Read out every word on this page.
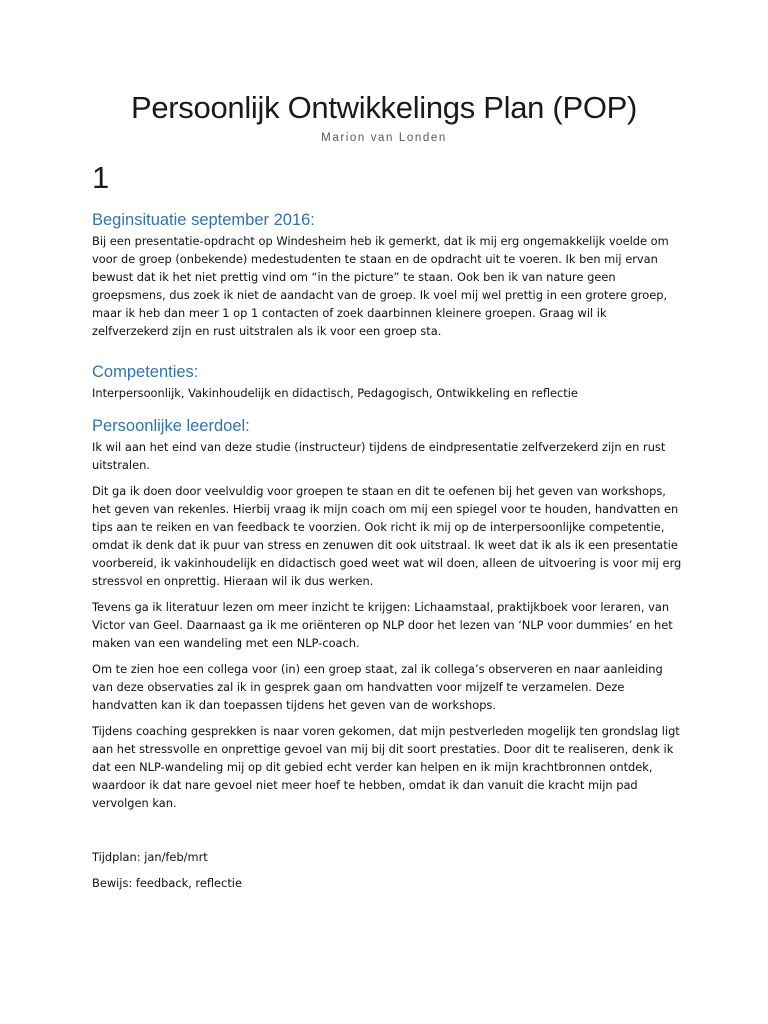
Persoonlijk Ontwikkelings Plan (POP)
Marion van Londen
1
Beginsituatie september 2016:

Bij een presentatie-opdracht op Windesheim heb ik gemerkt, dat ik mij erg ongemakkelijk voelde om voor de groep (onbekende) medestudenten te staan en de opdracht uit te voeren. Ik ben mij ervan bewust dat ik het niet prettig vind om “in the picture” te staan. Ook ben ik van nature geen groepsmens, dus zoek ik niet de aandacht van de groep. Ik voel mij wel prettig in een grotere groep, maar ik heb dan meer 1 op 1 contacten of zoek daarbinnen kleinere groepen. Graag wil ik zelfverzekerd zijn en rust uitstralen als ik voor een groep sta.

Competenties:

Interpersoonlijk, Vakinhoudelijk en didactisch, Pedagogisch, Ontwikkeling en reflectie

Persoonlijke leerdoel:

Ik wil aan het eind van deze studie (instructeur) tijdens de eindpresentatie zelfverzekerd zijn en rust uitstralen.

Dit ga ik doen door veelvuldig voor groepen te staan en dit te oefenen bij het geven van workshops, het geven van rekenles. Hierbij vraag ik mijn coach om mij een spiegel voor te houden, handvatten en tips aan te reiken en van feedback te voorzien. Ook richt ik mij op de interpersoonlijke competentie, omdat ik denk dat ik puur van stress en zenuwen dit ook uitstraal. Ik weet dat ik als ik een presentatie voorbereid, ik vakinhoudelijk en didactisch goed weet wat wil doen, alleen de uitvoering is voor mij erg stressvol en onprettig. Hieraan wil ik dus werken.

Tevens ga ik literatuur lezen om meer inzicht te krijgen: Lichaamstaal, praktijkboek voor leraren, van Victor van Geel. Daarnaast ga ik me oriënteren op NLP door het lezen van ‘NLP voor dummies’ en het maken van een wandeling met een NLP-coach.

Om te zien hoe een collega voor (in) een groep staat, zal ik collega’s observeren en naar aanleiding van deze observaties zal ik in gesprek gaan om handvatten voor mijzelf te verzamelen. Deze handvatten kan ik dan toepassen tijdens het geven van de workshops.

Tijdens coaching gesprekken is naar voren gekomen, dat mijn pestverleden mogelijk ten grondslag ligt aan het stressvolle en onprettige gevoel van mij bij dit soort prestaties. Door dit te realiseren, denk ik dat een NLP-wandeling mij op dit gebied echt verder kan helpen en ik mijn krachtbronnen ontdek, waardoor ik dat nare gevoel niet meer hoef te hebben, omdat ik dan vanuit die kracht mijn pad vervolgen kan.

Tijdplan: jan/feb/mrt

Bewijs: feedback, reflectie
